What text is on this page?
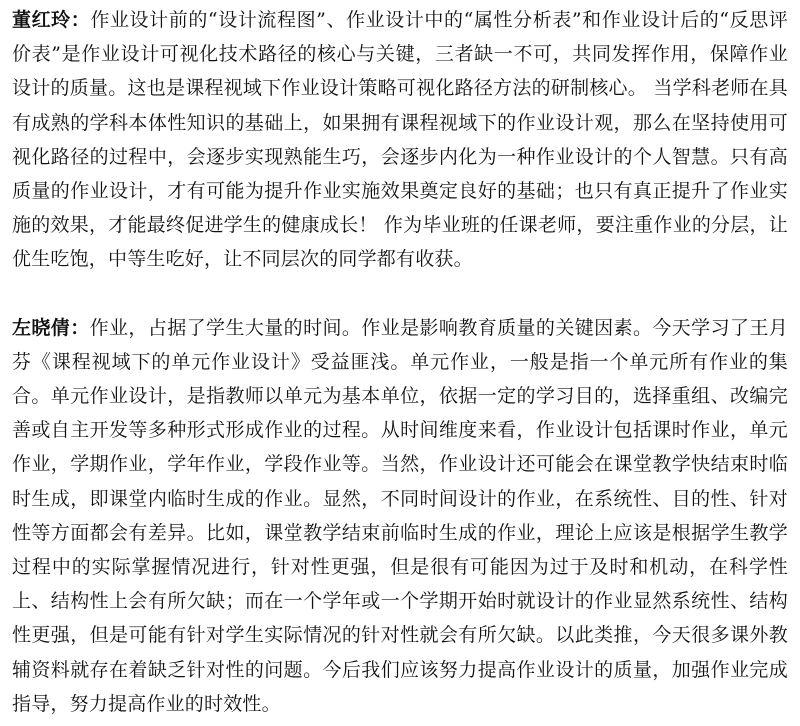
董红玲：作业设计前的“设计流程图”、作业设计中的“属性分析表”和作业设计后的“反思评价表”是作业设计可视化技术路径的核心与关键，三者缺一不可，共同发挥作用，保障作业设计的质量。这也是课程视域下作业设计策略可视化路径方法的研制核心。 当学科老师在具有成熟的学科本体性知识的基础上，如果拥有课程视域下的作业设计观，那么在坚持使用可视化路径的过程中，会逐步实现熟能生巧，会逐步内化为一种作业设计的个人智慧。只有高质量的作业设计，才有可能为提升作业实施效果奠定良好的基础；也只有真正提升了作业实施的效果，才能最终促进学生的健康成长！ 作为毕业班的任课老师，要注重作业的分层，让优生吃饱，中等生吃好，让不同层次的同学都有收获。

左晓倩：作业，占据了学生大量的时间。作业是影响教育质量的关键因素。今天学习了王月芬《课程视域下的单元作业设计》受益匪浅。单元作业，一般是指一个单元所有作业的集合。单元作业设计，是指教师以单元为基本单位，依据一定的学习目的，选择重组、改编完善或自主开发等多种形式形成作业的过程。从时间维度来看，作业设计包括课时作业，单元作业，学期作业，学年作业，学段作业等。当然，作业设计还可能会在课堂教学快结束时临时生成，即课堂内临时生成的作业。显然，不同时间设计的作业，在系统性、目的性、针对性等方面都会有差异。比如，课堂教学结束前临时生成的作业，理论上应该是根据学生教学过程中的实际掌握情况进行，针对性更强，但是很有可能因为过于及时和机动，在科学性上、结构性上会有所欠缺；而在一个学年或一个学期开始时就设计的作业显然系统性、结构性更强，但是可能有针对学生实际情况的针对性就会有所欠缺。以此类推，今天很多课外教辅资料就存在着缺乏针对性的问题。今后我们应该努力提高作业设计的质量，加强作业完成指导，努力提高作业的时效性。
